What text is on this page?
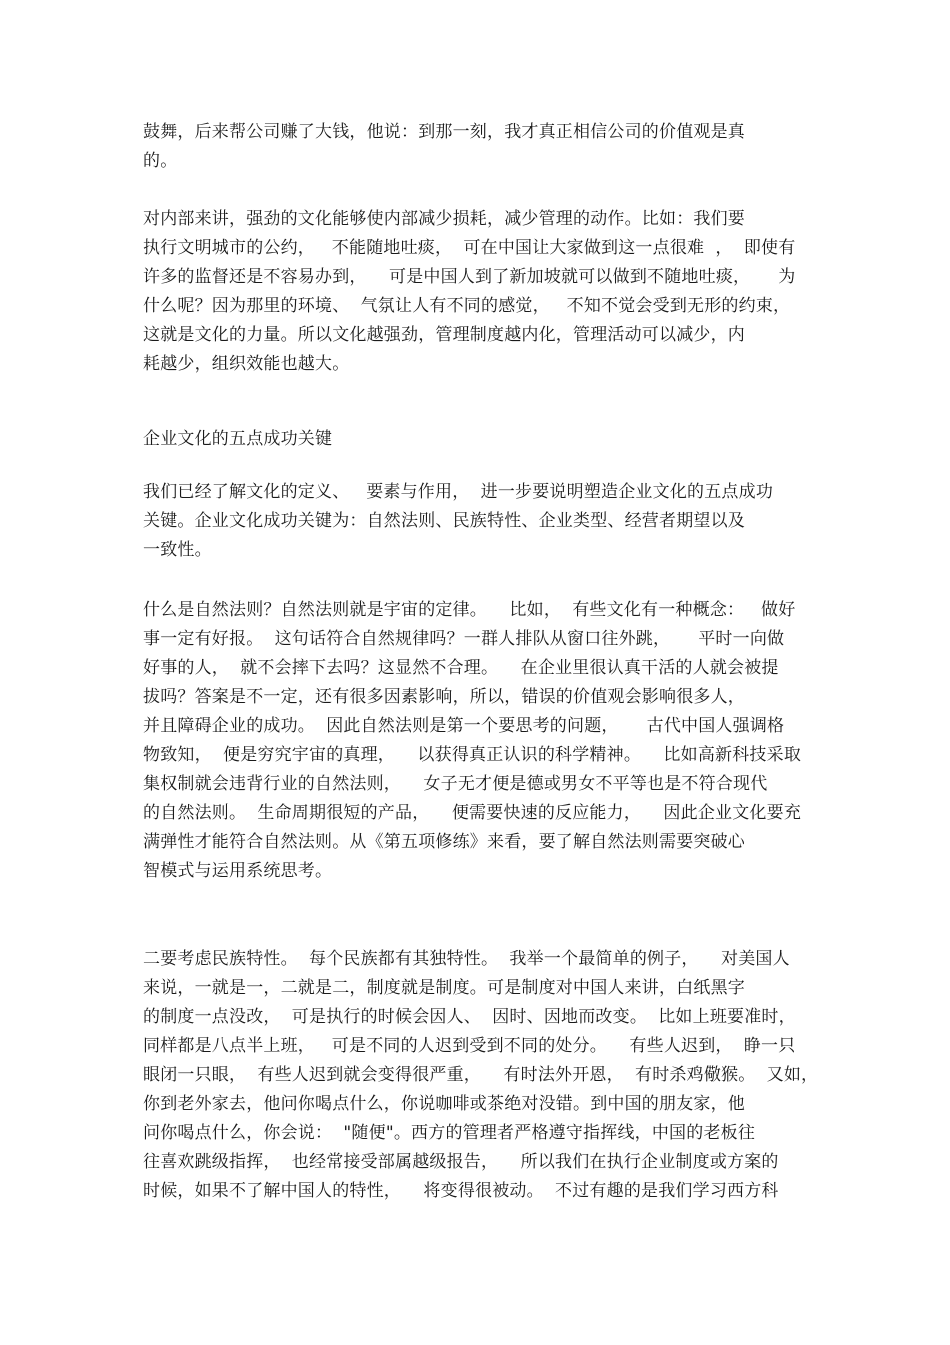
鼓舞，后来帮公司赚了大钱，他说：到那一刻，我才真正相信公司的价值观是真
的。
对内部来讲，强劲的文化能够使内部减少损耗，减少管理的动作。比如：我们要
执行文明城市的公约，   不能随地吐痰，  可在中国让大家做到这一点很难  ，  即使有
许多的监督还是不容易办到，    可是中国人到了新加坡就可以做到不随地吐痰，     为
什么呢？因为那里的环境、  气氛让人有不同的感觉，   不知不觉会受到无形的约束，
这就是文化的力量。所以文化越强劲，管理制度越内化，管理活动可以减少，内
耗越少，组织效能也越大。
企业文化的五点成功关键
我们已经了解文化的定义、   要素与作用，  进一步要说明塑造企业文化的五点成功
关键。企业文化成功关键为：自然法则、民族特性、企业类型、经营者期望以及
一致性。
什么是自然法则？自然法则就是宇宙的定律。    比如，  有些文化有一种概念：   做好
事一定有好报。  这句话符合自然规律吗？一群人排队从窗口往外跳，     平时一向做
好事的人，  就不会摔下去吗？这显然不合理。    在企业里很认真干活的人就会被提
拔吗？答案是不一定，还有很多因素影响，所以，错误的价值观会影响很多人，
并且障碍企业的成功。  因此自然法则是第一个要思考的问题，     古代中国人强调格
物致知，  便是穷究宇宙的真理，    以获得真正认识的科学精神。    比如高新科技采取
集权制就会违背行业的自然法则，    女子无才便是德或男女不平等也是不符合现代
的自然法则。  生命周期很短的产品，    便需要快速的反应能力，    因此企业文化要充
满弹性才能符合自然法则。从《第五项修练》来看，要了解自然法则需要突破心
智模式与运用系统思考。
二要考虑民族特性。  每个民族都有其独特性。  我举一个最简单的例子，    对美国人
来说，一就是一，二就是二，制度就是制度。可是制度对中国人来讲，白纸黑字
的制度一点没改，  可是执行的时候会因人、  因时、因地而改变。  比如上班要准时，
同样都是八点半上班，   可是不同的人迟到受到不同的处分。    有些人迟到，  睁一只
眼闭一只眼，  有些人迟到就会变得很严重，    有时法外开恩，  有时杀鸡儆猴。  又如，
你到老外家去，他问你喝点什么，你说咖啡或茶绝对没错。到中国的朋友家，他
问你喝点什么，你会说：  "随便"。西方的管理者严格遵守指挥线，中国的老板往
往喜欢跳级指挥，  也经常接受部属越级报告，    所以我们在执行企业制度或方案的
时候，如果不了解中国人的特性，    将变得很被动。  不过有趣的是我们学习西方科
